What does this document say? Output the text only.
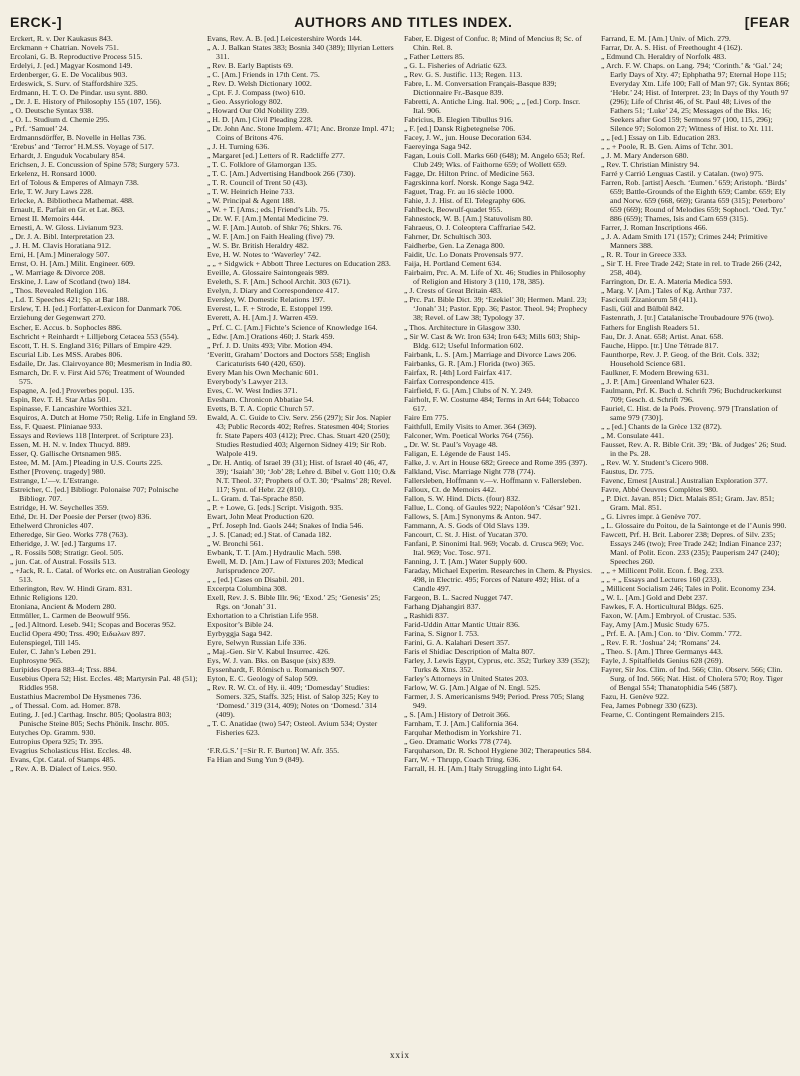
ERCK-]	AUTHORS AND TITLES INDEX.	[FEAR

Erckert, R. v. Der Kaukasus 843.

Erckmann + Chatrian. Novels 751.

Ercolani, G. B. Reproductive Process 515.

Erdelyi, J. [ed.] Magyar Kosmond 149.

Erdenberger, G. E. De Vocalibus 903.

Erdeswick, S. Surv. of Staffordshire 325.

Erdmann, H. T. O. De Pindar. usu synt. 880.

„ Dr. J. E. History of Philosophy 155 (107, 156).

„ O. Deutsche Syntax 938.

„ O. L. Studium d. Chemie 295.

„ Prf. ‘Samuel’ 24.

Erdmannsdörffer, B. Novelle in Hellas 736.

‘Erebus’ and ‘Terror’ H.M.SS. Voyage of 517.

Erhardt, J. Enguduk Vocabulary 854.

Erichsen, J. E. Concussion of Spine 578; Surgery 573.

Erkelenz, H. Ronsard 1000.

Erl of Tolous & Emperes of Almayn 738.

Erle, T. W. Jury Laws 228.

Erlecke, A. Bibliotheca Mathemat. 488.

Ernault, E. Parfait en Gr. et Lat. 863.

Ernest II. Memoirs 444.

Ernesti, A. W. Gloss. Livianum 923.

„ Dr. J. A. Bibl. Interpretation 23.

„ J. H. M. Clavis Horatiana 912.

Erni, H. [Am.] Mineralogy 507.

Ernst, O. H. [Am.] Milit. Engineer. 609.

„ W. Marriage & Divorce 208.

Erskine, J. Law of Scotland (two) 184.

„ Thos. Revealed Religion 116.

„ Ld. T. Speeches 421; Sp. at Bar 188.

Erslew, T. H. [ed.] Forfatter-Lexicon for Danmark 706.

Erziehung der Gegenwart 270.

Escher, E. Accus. b. Sophocles 886.

Eschricht + Reinhardt + Lilljeborg Cetacea 553 (554).

Escott, T. H. S. England 316; Pillars of Empire 429.

Escurial Lib. Les MSS. Arabes 806.

Esdaile, Dr. Jas. Clairvoyance 80; Mesmerism in India 80.

Esmarch, Dr. F. v. First Aid 576; Treatment of Wounded 575.

Espagne, A. [ed.] Proverbes popul. 135.

Espin, Rev. T. H. Star Atlas 501.

Espinasse, F. Lancashire Worthies 321.

Esquiros, A. Dutch at Home 750; Relig. Life in England 59.

Ess, F. Quaest. Plinianae 933.

Essays and Reviews 118 [Interpret. of Scripture 23].

Essen, M. H. N. v. Index Thucyd. 889.

Esser, Q. Gallische Ortsnamen 985.

Estee, M. M. [Am.] Pleading in U.S. Courts 225.

Esther [Provenç. tragedy] 980.

Estrange, L’—v. L’Estrange.

Estreicher, C. [ed.] Bibliogr. Polonaise 707; Polnische Bibliogr. 707.

Estridge, H. W. Seychelles 359.

Ethé, Dr. H. Der Poesie der Perser (two) 836.

Ethelwerd Chronicles 407.

Etheredge, Sir Geo. Works 778 (763).

Etheridge, J. W. [ed.] Targums 17.

„ R. Fossils 508; Stratigr. Geol. 505.

„ jun. Cat. of Austral. Fossils 513.

„ +Jack, R. L. Catal. of Works etc. on Australian Geology 513.

Etherington, Rev. W. Hindi Gram. 831.

Ethnic Religions 120.

Etoniana, Ancient & Modern 280.

Ettmüller, L. Carmen de Beowulf 956.

„ [ed.] Altnord. Leseb. 941; Scopas and Boceras 952.

Euclid Opera 490; Trss. 490; Ειδωλων 897.

Eulenspiegel, Till 145.

Euler, C. Jahn’s Leben 291.

Euphrosyne 965.

Euripides Opera 883–4; Trss. 884.

Eusebius Opera 52; Hist. Eccles. 48; Martyrsin Pal. 48 (51); Riddles 958.

Eustathius Macrembol De Hysmenes 736.

„ of Thessal. Com. ad. Homer. 878.

Euting, J. [ed.] Carthag. Inschr. 805; Qoolastra 803; Punische Steine 805; Sechs Phönik. Inschr. 805.

Eutyches Op. Gramm. 930.

Eutropius Opera 925; Tr. 395.

Evagrius Scholasticus Hist. Eccles. 48.

Evans, Cpt. Catal. of Stamps 485.

„ Rev. A. B. Dialect of Leics. 950.

Evans, Rev. A. B. [ed.] Leicestershire Words 144.

„ A. J. Balkan States 383; Bosnia 340 (389); Illyrian Letters 311.

„ Rev. B. Early Baptists 69.

„ C. [Am.] Friends in 17th Cent. 75.

„ Rev. D. Welsh Dictionary 1002.

„ Cpt. F. J. Compass (two) 610.

„ Geo. Assyriology 802.

„ Howard Our Old Nobility 239.

„ H. D. [Am.] Civil Pleading 228.

„ Dr. John Anc. Stone Implem. 471; Anc. Bronze Impl. 471; Coins of Britons 476.

„ J. H. Turning 636.

„ Margaret [ed.] Letters of R. Radcliffe 277.

„ T. C. Folklore of Glamorgan 135.

„ T. C. [Am.] Advertising Handbook 266 (730).

„ T. R. Council of Trent 50 (43).

„ T. W. Heinrich Heine 733.

„ W. Principal & Agent 188.

„ W. + T. [Ams.; eds.] Friend’s Lib. 75.

„ Dr. W. F. [Am.] Mental Medicine 79.

„ W. F. [Am.] Autob. of Shkr 76; Shkrs. 76.

„ W. F. [Am.] on Faith Healing (five) 79.

„ W. S. Br. British Heraldry 482.

Eve, H. W. Notes to ‘Waverley’ 742.

„ „ + Sidgwick + Abbott Three Lectures on Education 283.

Eveille, A. Glossaire Saintongeais 989.

Eveleth, S. F. [Am.] School Archit. 303 (671).

Evelyn, J. Diary and Correspondence 417.

Eversley, W. Domestic Relations 197.

Everest, L. F. + Strode, E. Estoppel 199.

Everett, A. H. [Am.] J. Warren 459.

„ Prf. C. C. [Am.] Fichte’s Science of Knowledge 164.

„ Edw. [Am.] Orations 460; J. Stark 459.

„ Prf. J. D. Units 493; Vibr. Motion 494.

‘Everitt, Graham’ Doctors and Doctors 558; English Caricaturists 640 (420, 650).

Every Man his Own Mechanic 601.

Everybody’s Lawyer 213.

Eves, C. W. West Indies 371.

Evesham. Chronicon Abbatiae 54.

Evetts, B. T. A. Coptic Church 57.

Ewald, A. C. Guide to Civ. Serv. 256 (297); Sir Jos. Napier 43; Public Records 402; Refres. Statesmen 404; Stories fr. State Papers 403 (412); Prec. Chas. Stuart 420 (250); Studies Restudied 403; Algernon Sidney 419; Sir Rob. Walpole 419.

„ Dr. H. Antiq. of Israel 39 (31); Hist. of Israel 40 (46, 47, 39); ‘Isaiah’ 30; ‘Job’ 28; Lehre d. Bibel v. Gott 110; O.& N.T. Theol. 37; Prophets of O.T. 30; ‘Psalms’ 28; Revel. 117; Synt. of Hebr. 22 (810).

„ L. Gram. d. Tai-Sprache 850.

„ P. + Lowe, G. [eds.] Script. Visigoth. 935.

Ewart, John Meat Production 620.

„ Prf. Joseph Ind. Gaols 244; Snakes of India 546.

„ J. S. [Canad; ed.] Stat. of Canada 182.

„ W. Bronchi 561.

Ewbank, T. T. [Am.] Hydraulic Mach. 598.

Ewell, M. D. [Am.] Law of Fixtures 203; Medical Jurisprudence 207.

„ „ [ed.] Cases on Disabil. 201.

Excerpta Columbina 308.

Exell, Rev. J. S. Bible Illr. 96; ‘Exod.’ 25; ‘Genesis’ 25; Rgs. on ‘Jonah’ 31.

Exhortation to a Christian Life 958.

Expositor’s Bible 24.

Eyrbyggja Saga 942.

Eyre, Selwyn Russian Life 336.

„ Maj.-Gen. Sir V. Kabul Insurrec. 426.

Eys, W. J. van. Bks. on Basque (six) 839.

Eyssenhardt, F. Römisch u. Romanisch 907.

Eyton, E. C. Geology of Salop 509.

„ Rev. R. W. Ct. of Hy. ii. 409; ‘Domesday’ Studies: Somers. 325, Staffs. 325; Hist. of Salop 325; Key to ‘Domesd.’ 319 (314, 409); Notes on ‘Domesd.’ 314 (409).

„ T. C. Anatidae (two) 547; Osteol. Avium 534; Oyster Fisheries 623.

‘F.R.G.S.’ [=Sir R. F. Burton] W. Afr. 355.

Fa Hian and Sung Yun 9 (849).

Faber, E. Digest of Confuc. 8; Mind of Mencius 8; Sc. of Chin. Rel. 8.

„ Father Letters 85.

„ G. L. Fisheries of Adriatic 623.

„ Rev. G. S. Justific. 113; Regen. 113.

Fabre, L. M. Conversation Français-Basque 839; Dictionnaire Fr.-Basque 839.

Fabretti, A. Antiche Ling. Ital. 906; „ „ [ed.] Corp. Inscr. Ital. 906.

Fabricius, B. Elegien Tibullus 916.

„ F. [ed.] Dansk Rigbetegnelse 706.

Facey, J. W., jun. House Decoration 634.

Faereyinga Saga 942.

Fagan, Louis Coll. Marks 660 (648); M. Angelo 653; Ref. Club 249; Wks. of Faithorne 659; of Wollett 659.

Fagge, Dr. Hilton Princ. of Medicine 563.

Fagrskinna korf. Norsk. Konge Saga 942.

Faguet, Trag. Fr. au 16 siècle 1000.

Fahie, J. J. Hist. of El. Telegraphy 606.

Fahlbeck, Beowulf-quadet 955.

Fahnestock, W. B. [Am.] Statuvolism 80.

Fahraeus, O. J. Coleoptera Caffrariae 542.

Fahrner, Dr. Schultisch 303.

Faidherbe, Gen. La Zenaga 800.

Faidit, Uc. Lo Donats Provensals 977.

Faija, H. Portland Cement 634.

Fairbairn, Prc. A. M. Life of Xt. 46; Studies in Philosophy of Religion and History 3 (110, 178, 385).

„ J. Crests of Great Britain 483.

„ Prc. Pat. Bible Dict. 39; ‘Ezekiel’ 30; Hermen. Manl. 23; ‘Jonah’ 31; Pastor. Epp. 36; Pastor. Theol. 94; Prophecy 38; Revel. of Law 38; Typology 37.

„ Thos. Architecture in Glasgow 330.

„ Sir W. Cast & Wr. Iron 634; Iron 643; Mills 603; Ship-Bldg. 612; Useful Information 602.

Fairbank, L. S. [Am.] Marriage and Divorce Laws 206.

Fairbanks, G. R. [Am.] Florida (two) 365.

Fairfax, R. [4th] Lord Fairfax 417.

Fairfax Correspondence 415.

Fairfield, F. G. [Am.] Clubs of N. Y. 249.

Fairholt, F. W. Costume 484; Terms in Art 644; Tobacco 617.

Faire Em 775.

Faithfull, Emily Visits to Amer. 364 (369).

Falconer, Wm. Poetical Works 764 (756).

„ Dr. W. St. Paul’s Voyage 48.

Faligan, E. Légende de Faust 145.

Falke, J. v. Art in House 682; Greece and Rome 395 (397).

Falkland, Visc. Marriage Night 778 (774).

Fallersleben, Hoffmann v.—v. Hoffmann v. Fallersleben.

Falloux, Ct. de Memoirs 442.

Fallon, S. W. Hind. Dicts. (four) 832.

Fallue, L. Conq. of Gaules 922; Napoléon’s ‘César’ 921.

Fallows, S. [Am.] Synonyms & Anton. 947.

Fammann, A. S. Gods of Old Slavs 139.

Fancourt, C. St. J. Hist. of Yucatan 370.

Fanfani, P. Sinonimi Ital. 969; Vocab. d. Crusca 969; Voc. Ital. 969; Voc. Tosc. 971.

Fanning, J. T. [Am.] Water Supply 600.

Faraday, Michael Experim. Researches in Chem. & Physics. 498, in Electric. 495; Forces of Nature 492; Hist. of a Candle 497.

Fargeon, B. L. Sacred Nugget 747.

Farhang Djahangiri 837.

„ Rashidi 837.

Farid-Uddin Attar Mantic Uttair 836.

Farina, S. Signor I. 753.

Farini, G. A. Kalahari Desert 357.

Faris el Shidiac Description of Malta 807.

Farley, J. Lewis Egypt, Cyprus, etc. 352; Turkey 339 (352); Turks & Xtns. 352.

Farley’s Attorneys in United States 203.

Farlow, W. G. [Am.] Algae of N. Engl. 525.

Farmer, J. S. Americanisms 949; Period. Press 705; Slang 949.

„ S. [Am.] History of Detroit 366.

Farnham, T. J. [Am.] California 364.

Farquhar Methodism in Yorkshire 71.

„ Geo. Dramatic Works 778 (774).

Farquharson, Dr. R. School Hygiene 302; Therapeutics 584.

Farr, W. + Thrupp, Coach Tring. 636.

Farrall, H. H. [Am.] Italy Struggling into Light 64.

Farrand, E. M. [Am.] Univ. of Mich. 279.

Farrar, Dr. A. S. Hist. of Freethought 4 (162).

„ Edmund Ch. Heraldry of Norfolk 483.

„ Arch. F. W. Chaps. on Lang. 794; ‘Corinth.’ & ‘Gal.’ 24; Early Days of Xty. 47; Ephphatha 97; Eternal Hope 115; Everyday Xtn. Life 100; Fall of Man 97; Gk. Syntax 866; ‘Hebr.’ 24; Hist. of Interpret. 23; In Days of thy Youth 97 (296); Life of Christ 46, of St. Paul 48; Lives of the Fathers 51; ‘Luke’ 24, 25; Messages of the Bks. 16; Seekers after God 159; Sermons 97 (100, 115, 296); Silence 97; Solomon 27; Witness of Hist. to Xt. 111.

„ „ [ed.] Essay on Lib. Education 283.

„ „ + Poole, R. B. Gen. Aims of Tchr. 301.

„ J. M. Mary Anderson 680.

„ Rev. T. Christian Ministry 94.

Farré y Carrió Lenguas Castil. y Catalan. (two) 975.

Farren, Rob. [artist] Aesch. ‘Eumen.’ 659; Aristoph. ‘Birds’ 659; Battle-Grounds of the Eighth 659; Cambr. 659; Ely and Norw. 659 (668, 669); Granta 659 (315); Peterboro’ 659 (669); Round of Melodies 659; Sophocl. ‘Oed. Tyr.’ 886 (659); Thames, Isis and Cam 659 (315).

Farrer, J. Roman Inscriptions 466.

„ J. A. Adam Smith 171 (157); Crimes 244; Primitive Manners 388.

„ R. R. Tour in Greece 333.

„ Sir T. H. Free Trade 242; State in rel. to Trade 266 (242, 258, 404).

Farrington, Dr. E. A. Materia Medica 593.

„ Marg. V. [Am.] Tales of Kg. Arthur 737.

Fasciculi Zizaniorum 58 (411).

Fasli, Gül and Bülbül 842.

Fastenrath, J. [tr.] Catalanische Troubadoure 976 (two).

Fathers for English Readers 51.

Fau, Dr. J. Anat. 658; Artist. Anat. 658.

Fauche, Hippo. [tr.] Une Tétrade 817.

Faunthorpe, Rev. J. P. Geog. of the Brit. Cols. 332; Household Science 681.

Faulkner, F. Modern Brewing 631.

„ J. P. [Am.] Greenland Whaler 623.

Faulmann, Prf. K. Buch d. Schrift 796; Buchdruckerkunst 709; Gesch. d. Schrift 796.

Fauriel, C. Hist. de la Poés. Provenç. 979 [Translation of same 979 (730)].

„ „ [ed.] Chants de la Grèce 132 (872).

„ M. Consulate 441.

Fausset, Rev. A. R. Bible Crit. 39; ‘Bk. of Judges’ 26; Stud. in the Ps. 28.

„ Rev. W. Y. Student’s Cicero 908.

Faustus, Dr. 775.

Favenc, Ernest [Austral.] Australian Exploration 377.

Favre, Abbé Oeuvres Complètes 980.

„ P. Dict. Javan. 851; Dict. Malais 851; Gram. Jav. 851; Gram. Mal. 851.

„ G. Livres impr. à Genève 707.

„ L. Glossaire du Poitou, de la Saintonge et de l’Aunis 990.

Fawcett, Prf. H. Brit. Laborer 238; Depres. of Silv. 235; Essays 246 (two); Free Trade 242; Indian Finance 237; Manl. of Polit. Econ. 233 (235); Pauperism 247 (240); Speeches 260.

„ „ + Millicent Polit. Econ. f. Beg. 233.

„ „ + „ Essays and Lectures 160 (233).

„ Millicent Socialism 246; Tales in Polit. Economy 234.

„ W. L. [Am.] Gold and Debt 237.

Fawkes, F. A. Horticultural Bldgs. 625.

Faxon, W. [Am.] Embryol. of Crustac. 535.

Fay, Amy [Am.] Music Study 675.

„ Prf. E. A. [Am.] Con. to ‘Div. Comm.’ 772.

„ Rev. F. R. ‘Joshua’ 24; ‘Romans’ 24.

„ Theo. S. [Am.] Three Germanys 443.

Fayle, J. Spitalfields Genius 628 (269).

Fayrer, Sir Jos. Clim. of Ind. 566; Clin. Observ. 566; Clin. Surg. of Ind. 566; Nat. Hist. of Cholera 570; Roy. Tiger of Bengal 554; Thanatophidia 546 (587).

Fazu, H. Genève 922.

Fea, James Pobnegr 330 (623).

Fearne, C. Contingent Remainders 215.

xxix
